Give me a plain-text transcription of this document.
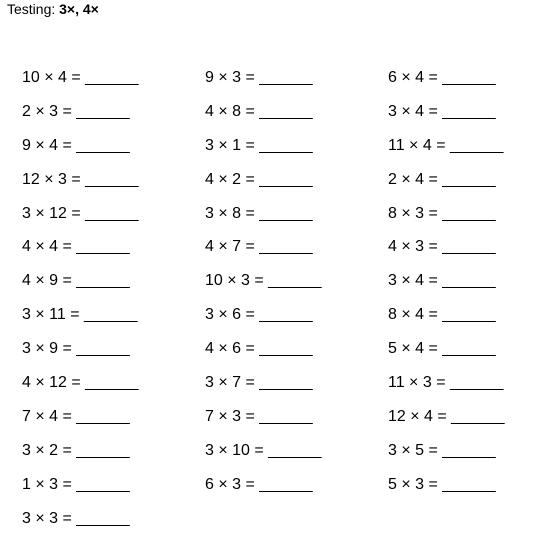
Testing: 3×, 4×
10 × 4 = ______
2 × 3 = ______
9 × 4 = ______
12 × 3 = ______
3 × 12 = ______
4 × 4 = ______
4 × 9 = ______
3 × 11 = ______
3 × 9 = ______
4 × 12 = ______
7 × 4 = ______
3 × 2 = ______
1 × 3 = ______
3 × 3 = ______
9 × 3 = ______
4 × 8 = ______
3 × 1 = ______
4 × 2 = ______
3 × 8 = ______
4 × 7 = ______
10 × 3 = ______
3 × 6 = ______
4 × 6 = ______
3 × 7 = ______
7 × 3 = ______
3 × 10 = ______
6 × 3 = ______
6 × 4 = ______
3 × 4 = ______
11 × 4 = ______
2 × 4 = ______
8 × 3 = ______
4 × 3 = ______
3 × 4 = ______
8 × 4 = ______
5 × 4 = ______
11 × 3 = ______
12 × 4 = ______
3 × 5 = ______
5 × 3 = ______
